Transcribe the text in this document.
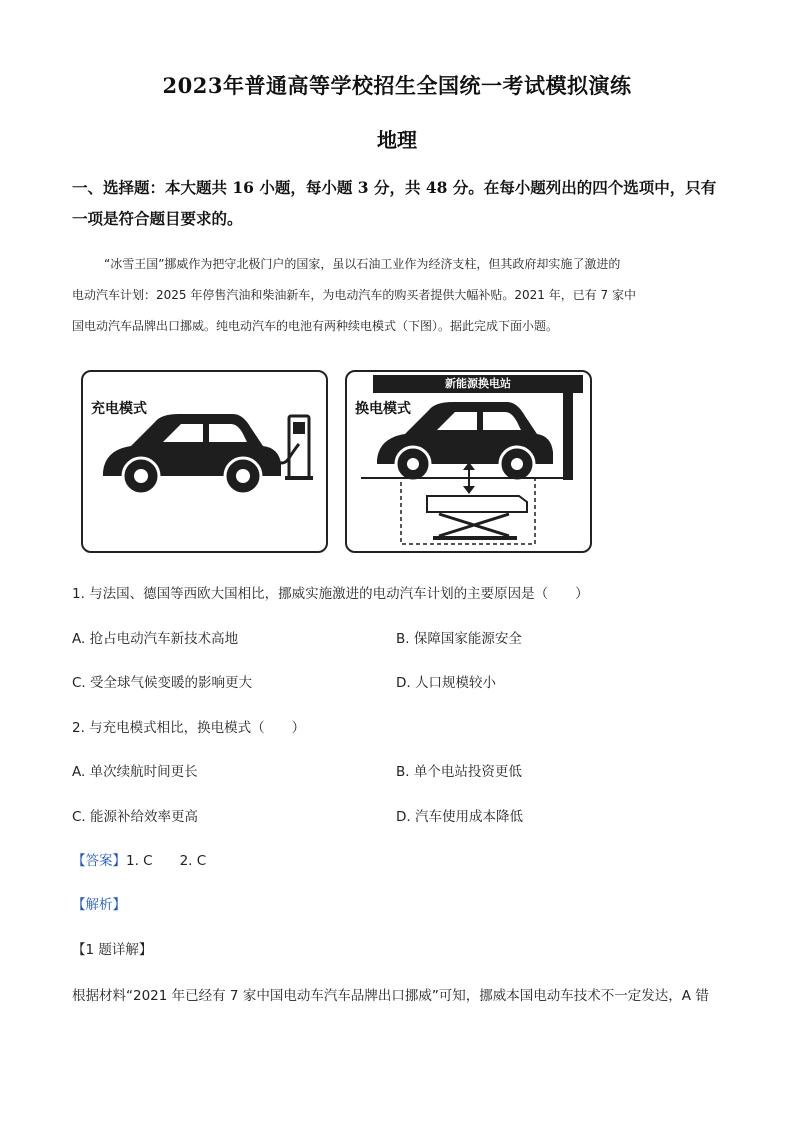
2023年普通高等学校招生全国统一考试模拟演练
地理
一、选择题：本大题共 16 小题，每小题 3 分，共 48 分。在每小题列出的四个选项中，只有
一项是符合题目要求的。
“冰雪王国”挪威作为把守北极门户的国家，虽以石油工业作为经济支柱，但其政府却实施了激进的
电动汽车计划：2025 年停售汽油和柴油新车，为电动汽车的购买者提供大幅补贴。2021 年，已有 7 家中
国电动汽车品牌出口挪威。纯电动汽车的电池有两种续电模式（下图）。据此完成下面小题。
充电模式
新能源换电站
换电模式
1. 与法国、德国等西欧大国相比，挪威实施激进的电动汽车计划的主要原因是（　　）
A. 抢占电动汽车新技术高地	B. 保障国家能源安全
C. 受全球气候变暖的影响更大	D. 人口规模较小
2. 与充电模式相比，换电模式（　　）
A. 单次续航时间更长	B. 单个电站投资更低
C. 能源补给效率更高	D. 汽车使用成本降低
【答案】1. C　　2. C
【解析】
【1 题详解】
根据材料“2021 年已经有 7 家中国电动车汽车品牌出口挪威”可知，挪威本国电动车技术不一定发达，A 错
